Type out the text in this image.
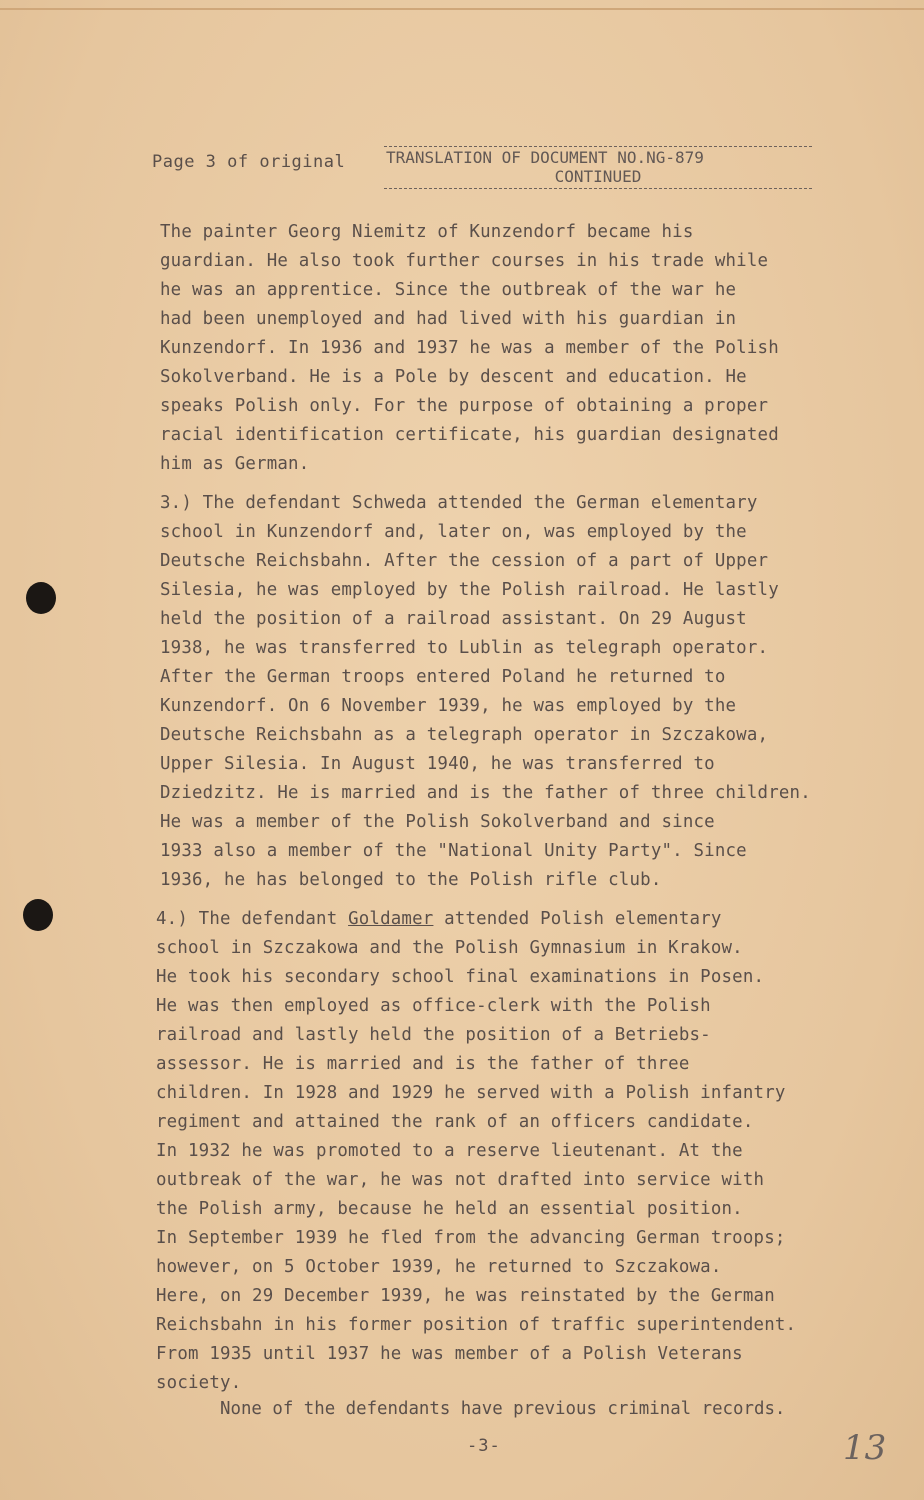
Page 3 of original	TRANSLATION OF DOCUMENT NO.NG-879
CONTINUED
The painter Georg Niemitz of Kunzendorf became his
guardian. He also took further courses in his trade while
he was an apprentice. Since the outbreak of the war he
had been unemployed and had lived with his guardian in
Kunzendorf. In 1936 and 1937 he was a member of the Polish
Sokolverband. He is a Pole by descent and education. He
speaks Polish only. For the purpose of obtaining a proper
racial identification certificate, his guardian designated
him as German.
3.) The defendant Schweda attended the German elementary
school in Kunzendorf and, later on, was employed by the
Deutsche Reichsbahn. After the cession of a part of Upper
Silesia, he was employed by the Polish railroad. He lastly
held the position of a railroad assistant. On 29 August
1938, he was transferred to Lublin as telegraph operator.
After the German troops entered Poland he returned to
Kunzendorf. On 6 November 1939, he was employed by the
Deutsche Reichsbahn as a telegraph operator in Szczakowa,
Upper Silesia. In August 1940, he was transferred to
Dziedzitz. He is married and is the father of three children.
He was a member of the Polish Sokolverband and since
1933 also a member of the "National Unity Party". Since
1936, he has belonged to the Polish rifle club.
4.) The defendant Goldamer attended Polish elementary
school in Szczakowa and the Polish Gymnasium in Krakow.
He took his secondary school final examinations in Posen.
He was then employed as office-clerk with the Polish
railroad and lastly held the position of a Betriebs-
assessor. He is married and is the father of three
children. In 1928 and 1929 he served with a Polish infantry
regiment and attained the rank of an officers candidate.
In 1932 he was promoted to a reserve lieutenant. At the
outbreak of the war, he was not drafted into service with
the Polish army, because he held an essential position.
In September 1939 he fled from the advancing German troops;
however, on 5 October 1939, he returned to Szczakowa.
Here, on 29 December 1939, he was reinstated by the German
Reichsbahn in his former position of traffic superintendent.
From 1935 until 1937 he was member of a Polish Veterans
society.
None of the defendants have previous criminal records.
-3-	13
